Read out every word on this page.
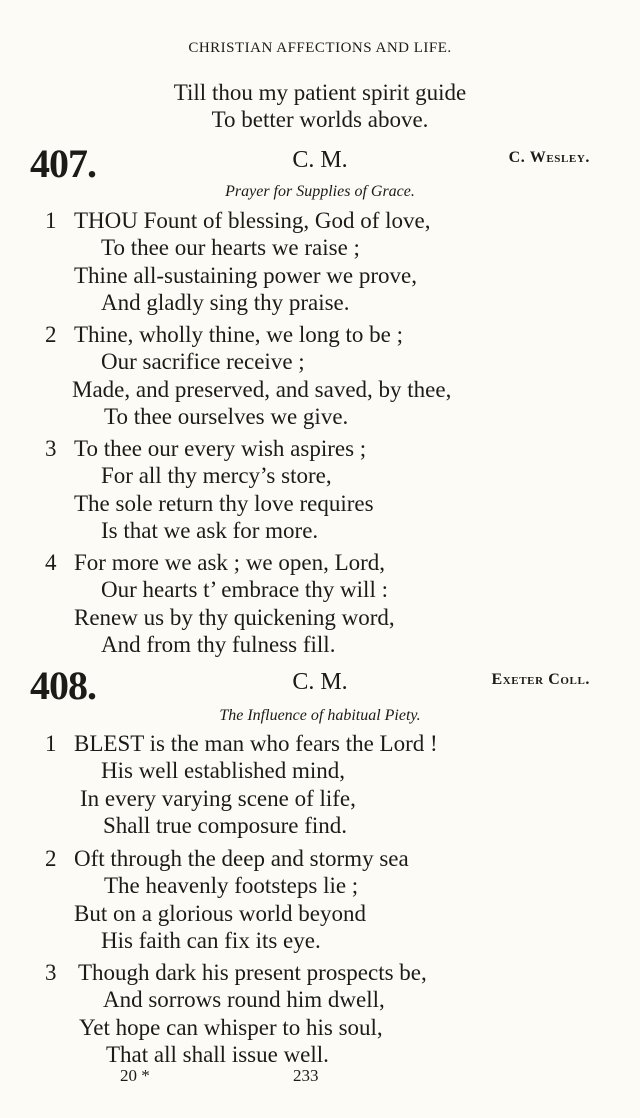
CHRISTIAN AFFECTIONS AND LIFE.
Till thou my patient spirit guide
To better worlds above.
407.	C. M.	C. Wesley.
Prayer for Supplies of Grace.
1 THOU Fount of blessing, God of love,
To thee our hearts we raise ;
Thine all-sustaining power we prove,
And gladly sing thy praise.
2 Thine, wholly thine, we long to be ;
Our sacrifice receive ;
Made, and preserved, and saved, by thee,
To thee ourselves we give.
3 To thee our every wish aspires ;
For all thy mercy’s store,
The sole return thy love requires
Is that we ask for more.
4 For more we ask ; we open, Lord,
Our hearts t’ embrace thy will :
Renew us by thy quickening word,
And from thy fulness fill.
408.	C. M.	Exeter Coll.
The Influence of habitual Piety.
1 BLEST is the man who fears the Lord !
His well established mind,
In every varying scene of life,
Shall true composure find.
2 Oft through the deep and stormy sea
The heavenly footsteps lie ;
But on a glorious world beyond
His faith can fix its eye.
3 Though dark his present prospects be,
And sorrows round him dwell,
Yet hope can whisper to his soul,
That all shall issue well.
20 *	233
